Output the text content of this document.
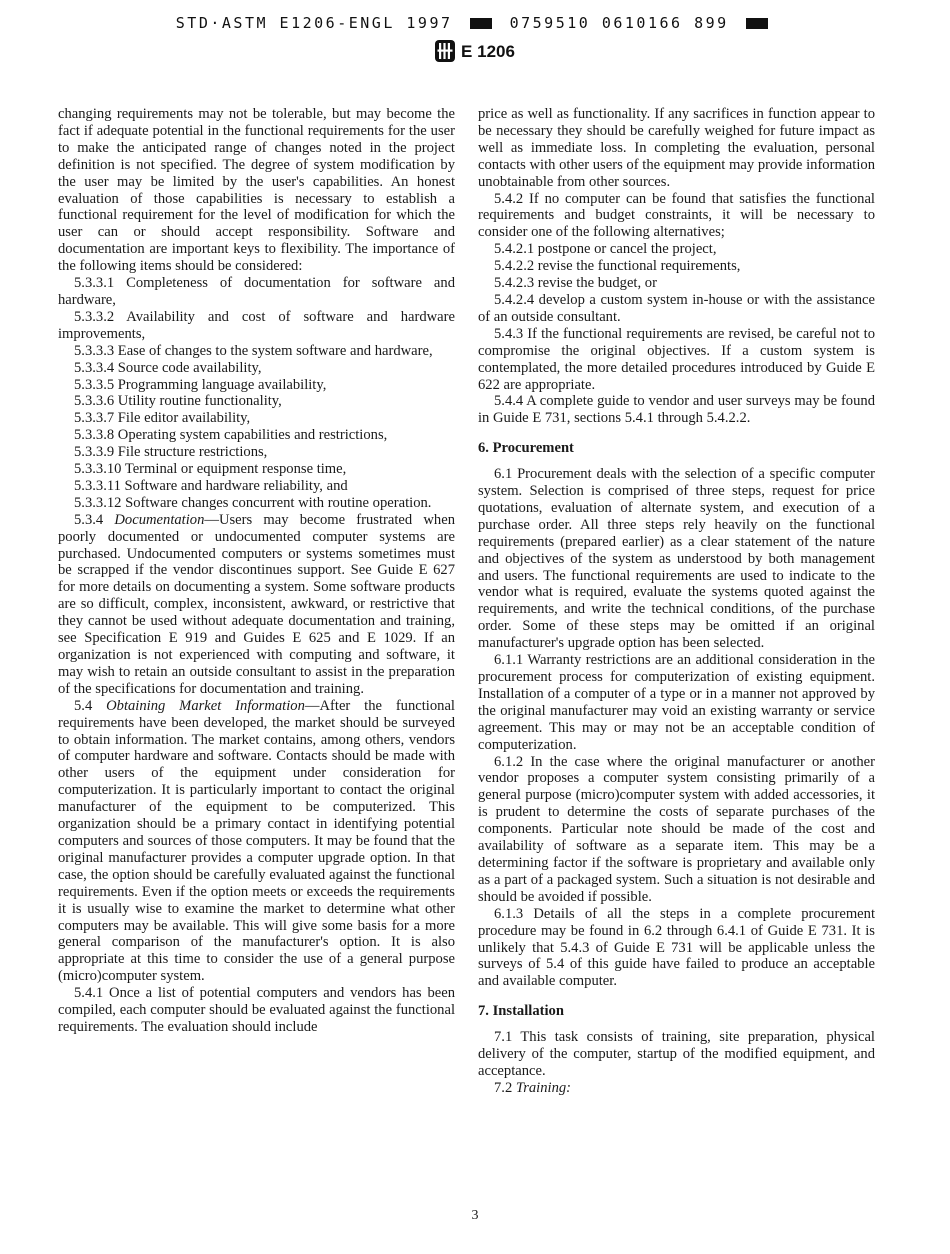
STD·ASTM E1206-ENGL 1997	0759510 0610166 899
E 1206

changing requirements may not be tolerable, but may become the fact if adequate potential in the functional requirements for the user to make the anticipated range of changes noted in the project definition is not specified. The degree of system modification by the user may be limited by the user's capabilities. An honest evaluation of those capabilities is necessary to establish a functional requirement for the level of modification for which the user can or should accept responsibility. Software and documentation are important keys to flexibility. The importance of the following items should be considered:

5.3.3.1 Completeness of documentation for software and hardware,

5.3.3.2 Availability and cost of software and hardware improvements,

5.3.3.3 Ease of changes to the system software and hardware,

5.3.3.4 Source code availability,

5.3.3.5 Programming language availability,

5.3.3.6 Utility routine functionality,

5.3.3.7 File editor availability,

5.3.3.8 Operating system capabilities and restrictions,

5.3.3.9 File structure restrictions,

5.3.3.10 Terminal or equipment response time,

5.3.3.11 Software and hardware reliability, and

5.3.3.12 Software changes concurrent with routine operation.

5.3.4 Documentation—Users may become frustrated when poorly documented or undocumented computer systems are purchased. Undocumented computers or systems sometimes must be scrapped if the vendor discontinues support. See Guide E 627 for more details on documenting a system. Some software products are so difficult, complex, inconsistent, awkward, or restrictive that they cannot be used without adequate documentation and training, see Specification E 919 and Guides E 625 and E 1029. If an organization is not experienced with computing and software, it may wish to retain an outside consultant to assist in the preparation of the specifications for documentation and training.

5.4 Obtaining Market Information—After the functional requirements have been developed, the market should be surveyed to obtain information. The market contains, among others, vendors of computer hardware and software. Contacts should be made with other users of the equipment under consideration for computerization. It is particularly important to contact the original manufacturer of the equipment to be computerized. This organization should be a primary contact in identifying potential computers and sources of those computers. It may be found that the original manufacturer provides a computer upgrade option. In that case, the option should be carefully evaluated against the functional requirements. Even if the option meets or exceeds the requirements it is usually wise to examine the market to determine what other computers may be available. This will give some basis for a more general comparison of the manufacturer's option. It is also appropriate at this time to consider the use of a general purpose (micro)computer system.

5.4.1 Once a list of potential computers and vendors has been compiled, each computer should be evaluated against the functional requirements. The evaluation should include

price as well as functionality. If any sacrifices in function appear to be necessary they should be carefully weighed for future impact as well as immediate loss. In completing the evaluation, personal contacts with other users of the equipment may provide information unobtainable from other sources.

5.4.2 If no computer can be found that satisfies the functional requirements and budget constraints, it will be necessary to consider one of the following alternatives;

5.4.2.1 postpone or cancel the project,

5.4.2.2 revise the functional requirements,

5.4.2.3 revise the budget, or

5.4.2.4 develop a custom system in-house or with the assistance of an outside consultant.

5.4.3 If the functional requirements are revised, be careful not to compromise the original objectives. If a custom system is contemplated, the more detailed procedures introduced by Guide E 622 are appropriate.

5.4.4 A complete guide to vendor and user surveys may be found in Guide E 731, sections 5.4.1 through 5.4.2.2.

6. Procurement

6.1 Procurement deals with the selection of a specific computer system. Selection is comprised of three steps, request for price quotations, evaluation of alternate system, and execution of a purchase order. All three steps rely heavily on the functional requirements (prepared earlier) as a clear statement of the nature and objectives of the system as understood by both management and users. The functional requirements are used to indicate to the vendor what is required, evaluate the systems quoted against the requirements, and write the technical conditions, of the purchase order. Some of these steps may be omitted if an original manufacturer's upgrade option has been selected.

6.1.1 Warranty restrictions are an additional consideration in the procurement process for computerization of existing equipment. Installation of a computer of a type or in a manner not approved by the original manufacturer may void an existing warranty or service agreement. This may or may not be an acceptable condition of computerization.

6.1.2 In the case where the original manufacturer or another vendor proposes a computer system consisting primarily of a general purpose (micro)computer system with added accessories, it is prudent to determine the costs of separate purchases of the components. Particular note should be made of the cost and availability of software as a separate item. This may be a determining factor if the software is proprietary and available only as a part of a packaged system. Such a situation is not desirable and should be avoided if possible.

6.1.3 Details of all the steps in a complete procurement procedure may be found in 6.2 through 6.4.1 of Guide E 731. It is unlikely that 5.4.3 of Guide E 731 will be applicable unless the surveys of 5.4 of this guide have failed to produce an acceptable and available computer.

7. Installation

7.1 This task consists of training, site preparation, physical delivery of the computer, startup of the modified equipment, and acceptance.

7.2 Training:

3
